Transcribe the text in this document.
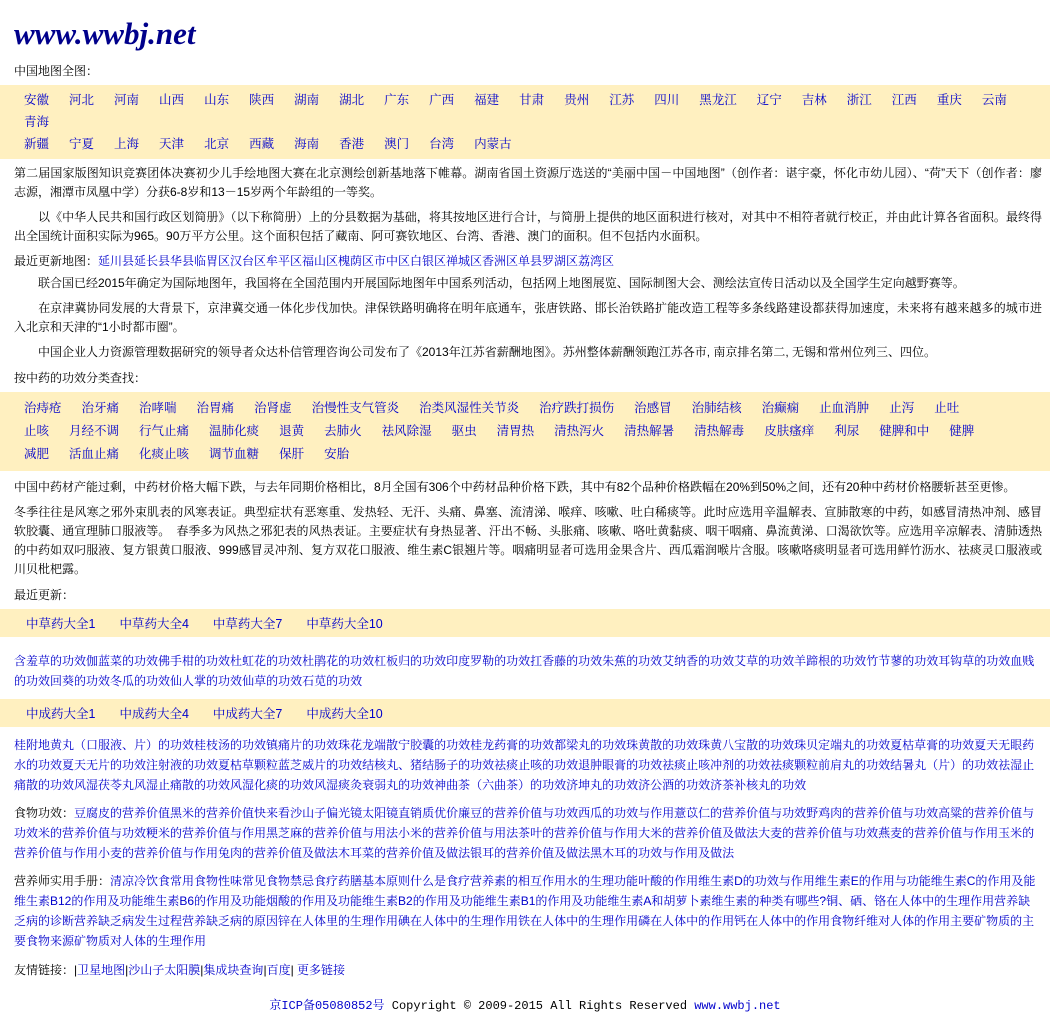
www.wwbj.net
中国地图全图：
安徽 河北 河南 山西 山东 陕西 湖南 湖北 广东 广西 福建 甘肃 贵州 江苏 四川 黑龙江 辽宁 吉林 浙江 江西 重庆 云南青海
新疆 宁夏 上海 天津 北京 西藏 海南 香港 澳门 台湾 内蒙古
第二届国家版图知识竞赛团体决赛初少儿手绘地图大赛在北京测绘创新基地落下帷幕。湖南省国土资源厅选送的“美丽中国－中国地图”（创作者：谌宇豪，怀化市幼儿园）、“荷”天下（创作者：廖志源，湘潭市凤凰中学）分获6-8岁和13－15岁两个年龄组的一等奖。
　　以《中华人民共和国行政区划简册》（以下称简册）上的分县数据为基础，将其按地区进行合计，与简册上提供的地区面积进行核对，对其中不相符者就行校正，并由此计算各省面积。最终得出全国统计面积实际为965。90万平方公里。这个面积包括了藏南、阿可赛钦地区、台湾、香港、澳门的面积。但不包括内水面积。
最近更新地图：延川县延长县华县临胃区汉台区牟平区福山区槐荫区市中区白银区禅城区香洲区单县罗湖区荔湾区
　　联合国已经2015年确定为国际地图年，我国将在全国范围内开展国际地图年中国系列活动，包括网上地图展览、国际制图大会、测绘法宣传日活动以及全国学生定向越野赛等。
　　在京津冀协同发展的大背景下，京津冀交通一体化步伐加快。津保铁路明确将在明年底通车，张唐铁路、邯长治铁路扩能改造工程等多条线路建设都获得加速度，未来将有越来越多的城市进入北京和天津的“1小时都市圈”。
　　中国企业人力资源管理数据研究的领导者众达朴信管理咨询公司发布了《2013年江苏省薪酬地图》。苏州整体薪酬领跑江苏各市, 南京排名第二, 无锡和常州位列三、四位。
按中药的功效分类查找：
治痔疮 治牙痛 治哮喘 治胃痛 治肾虚 治慢性支气管炎 治类风湿性关节炎 治疗跌打损伤 治感冒 治肺结核 治癫痫 止血消肿 止泻 止吐
止咳 月经不调 行气止痛 温肺化痰 退黄 去肺火 祛风除湿 驱虫 清胃热 清热泻火 清热解暑 清热解毒 皮肤瘙痒 利尿 健脾和中 健脾
减肥 活血止痛 化痰止咳 调节血糖 保肝 安胎
中国中药材产能过剩，中药材价格大幅下跌，与去年同期价格相比，8月全国有306个中药材品种价格下跌，其中有82个品种价格跌幅在20%到50%之间，还有20种中药材价格腰斩甚至更惨。
冬季往往是风寒之邪外束肌表的风寒表证。典型症状有恶寒重、发热轻、无汗、头痛、鼻塞、流清涕、喉痒、咳嗽、吐白稀痰等。此时应选用辛温解表、宣肺散寒的中药，如感冒清热冲剂、感冒软胶囊、通宣理肺口服液等。　春季多为风热之邪犯表的风热表证。主要症状有身热显著、汗出不畅、头胀痛、咳嗽、咯吐黄黏痰、咽干咽痛、鼻流黄涕、口渴欲饮等。应选用辛凉解表、清肺透热的中药如双叼服液、复方银黄口服液、999感冒灵冲剂、复方双花口服液、维生素C银翘片等。咽痛明显者可选用金果含片、西瓜霜润喉片含服。咳嗽咯痰明显者可选用鲜竹沥水、祛痰灵口服液或川贝枇杷露。
最近更新：
中草药大全1 中草药大全4 中草药大全7 中草药大全10
含羞草的功效伽蓝菜的功效佛手柑的功效杜虹花的功效杜鹃花的功效杠板归的功效印度罗勒的功效扛香藤的功效朱蕉的功效艾纳香的功效艾草的功效羊蹄根的功效竹节蓼的功效耳钩草的功效血贱的功效回葵的功效冬瓜的功效仙人掌的功效仙草的功效石苋的功效
中成药大全1 中成药大全4 中成药大全7 中成药大全10
桂附地黄丸（口服液、片）的功效桂枝汤的功效镇痛片的功效珠花龙端散宁胶囊的功效桂龙药膏的功效都梁丸的功效珠黄散的功效珠黄八宝散的功效珠贝定端丸的功效夏枯草膏的功效夏天无眼药水的功效夏天无片的功效注射液的功效夏枯草颗粒蓝芝威片的功效结核丸、猪结肠子的功效祛痰止咳的功效退肿眼膏的功效祛痰止咳冲剂的功效祛痰颗粒前肩丸的功效结暑丸（片）的功效祛湿止痛散的功效风湿茯苓丸风湿止痛散的功效风湿化痰的功效风湿痰灸衰弱丸的功效神曲茶（六曲茶）的功效济坤丸的功效济公酒的功效济茶补核丸的功效
食物功效：豆腐皮的营养价值黑米的营养价值快来看沙山子偏光镜太阳镜直销质优价廉豆的营养价值与功效西瓜的功效与作用薏苡仁的营养价值与功效野鸡肉的营养价值与功效高粱的营养价值与功效米的营养价值与功效粳米的营养价值与作用黑芝麻的营养价值与用法小米的营养价值与用法茶叶的营养价值与作用大米的营养价值及做法大麦的营养价值与功效燕麦的营养价值与作用玉米的营养价值与作用小麦的营养价值与作用兔肉的营养价值及做法木耳菜的营养价值及做法银耳的营养价值及做法黑木耳的功效与作用及做法
营养师实用手册：清凉冷饮食常用食物性味常见食物禁忌食疗药膳基本原则什么是食疗营养素的相互作用水的生理功能叶酸的作用维生素D的功效与作用维生素E的作用与功能维生素C的作用及能维生素B12的作用及功能维生素B6的作用及功能烟酸的作用及功能维生素B2的作用及功能维生素B1的作用及功能维生素A和胡萝卜素维生素的种类有哪些?铜、硒、铬在人体中的生理作用营养缺乏病的诊断营养缺乏病发生过程营养缺乏病的原因锌在人体里的生理作用碘在人体中的生理作用铁在人体中的生理作用磷在人体中的作用钙在人体中的作用食物纤维对人体的作用主要矿物质的主要食物来源矿物质对人体的生理作用
友情链接：|卫星地图|沙山子太阳膜|集成块查询|百度| 更多链接
京ICP备05080852号 Copyright © 2009-2015 All Rights Reserved www.wwbj.net
